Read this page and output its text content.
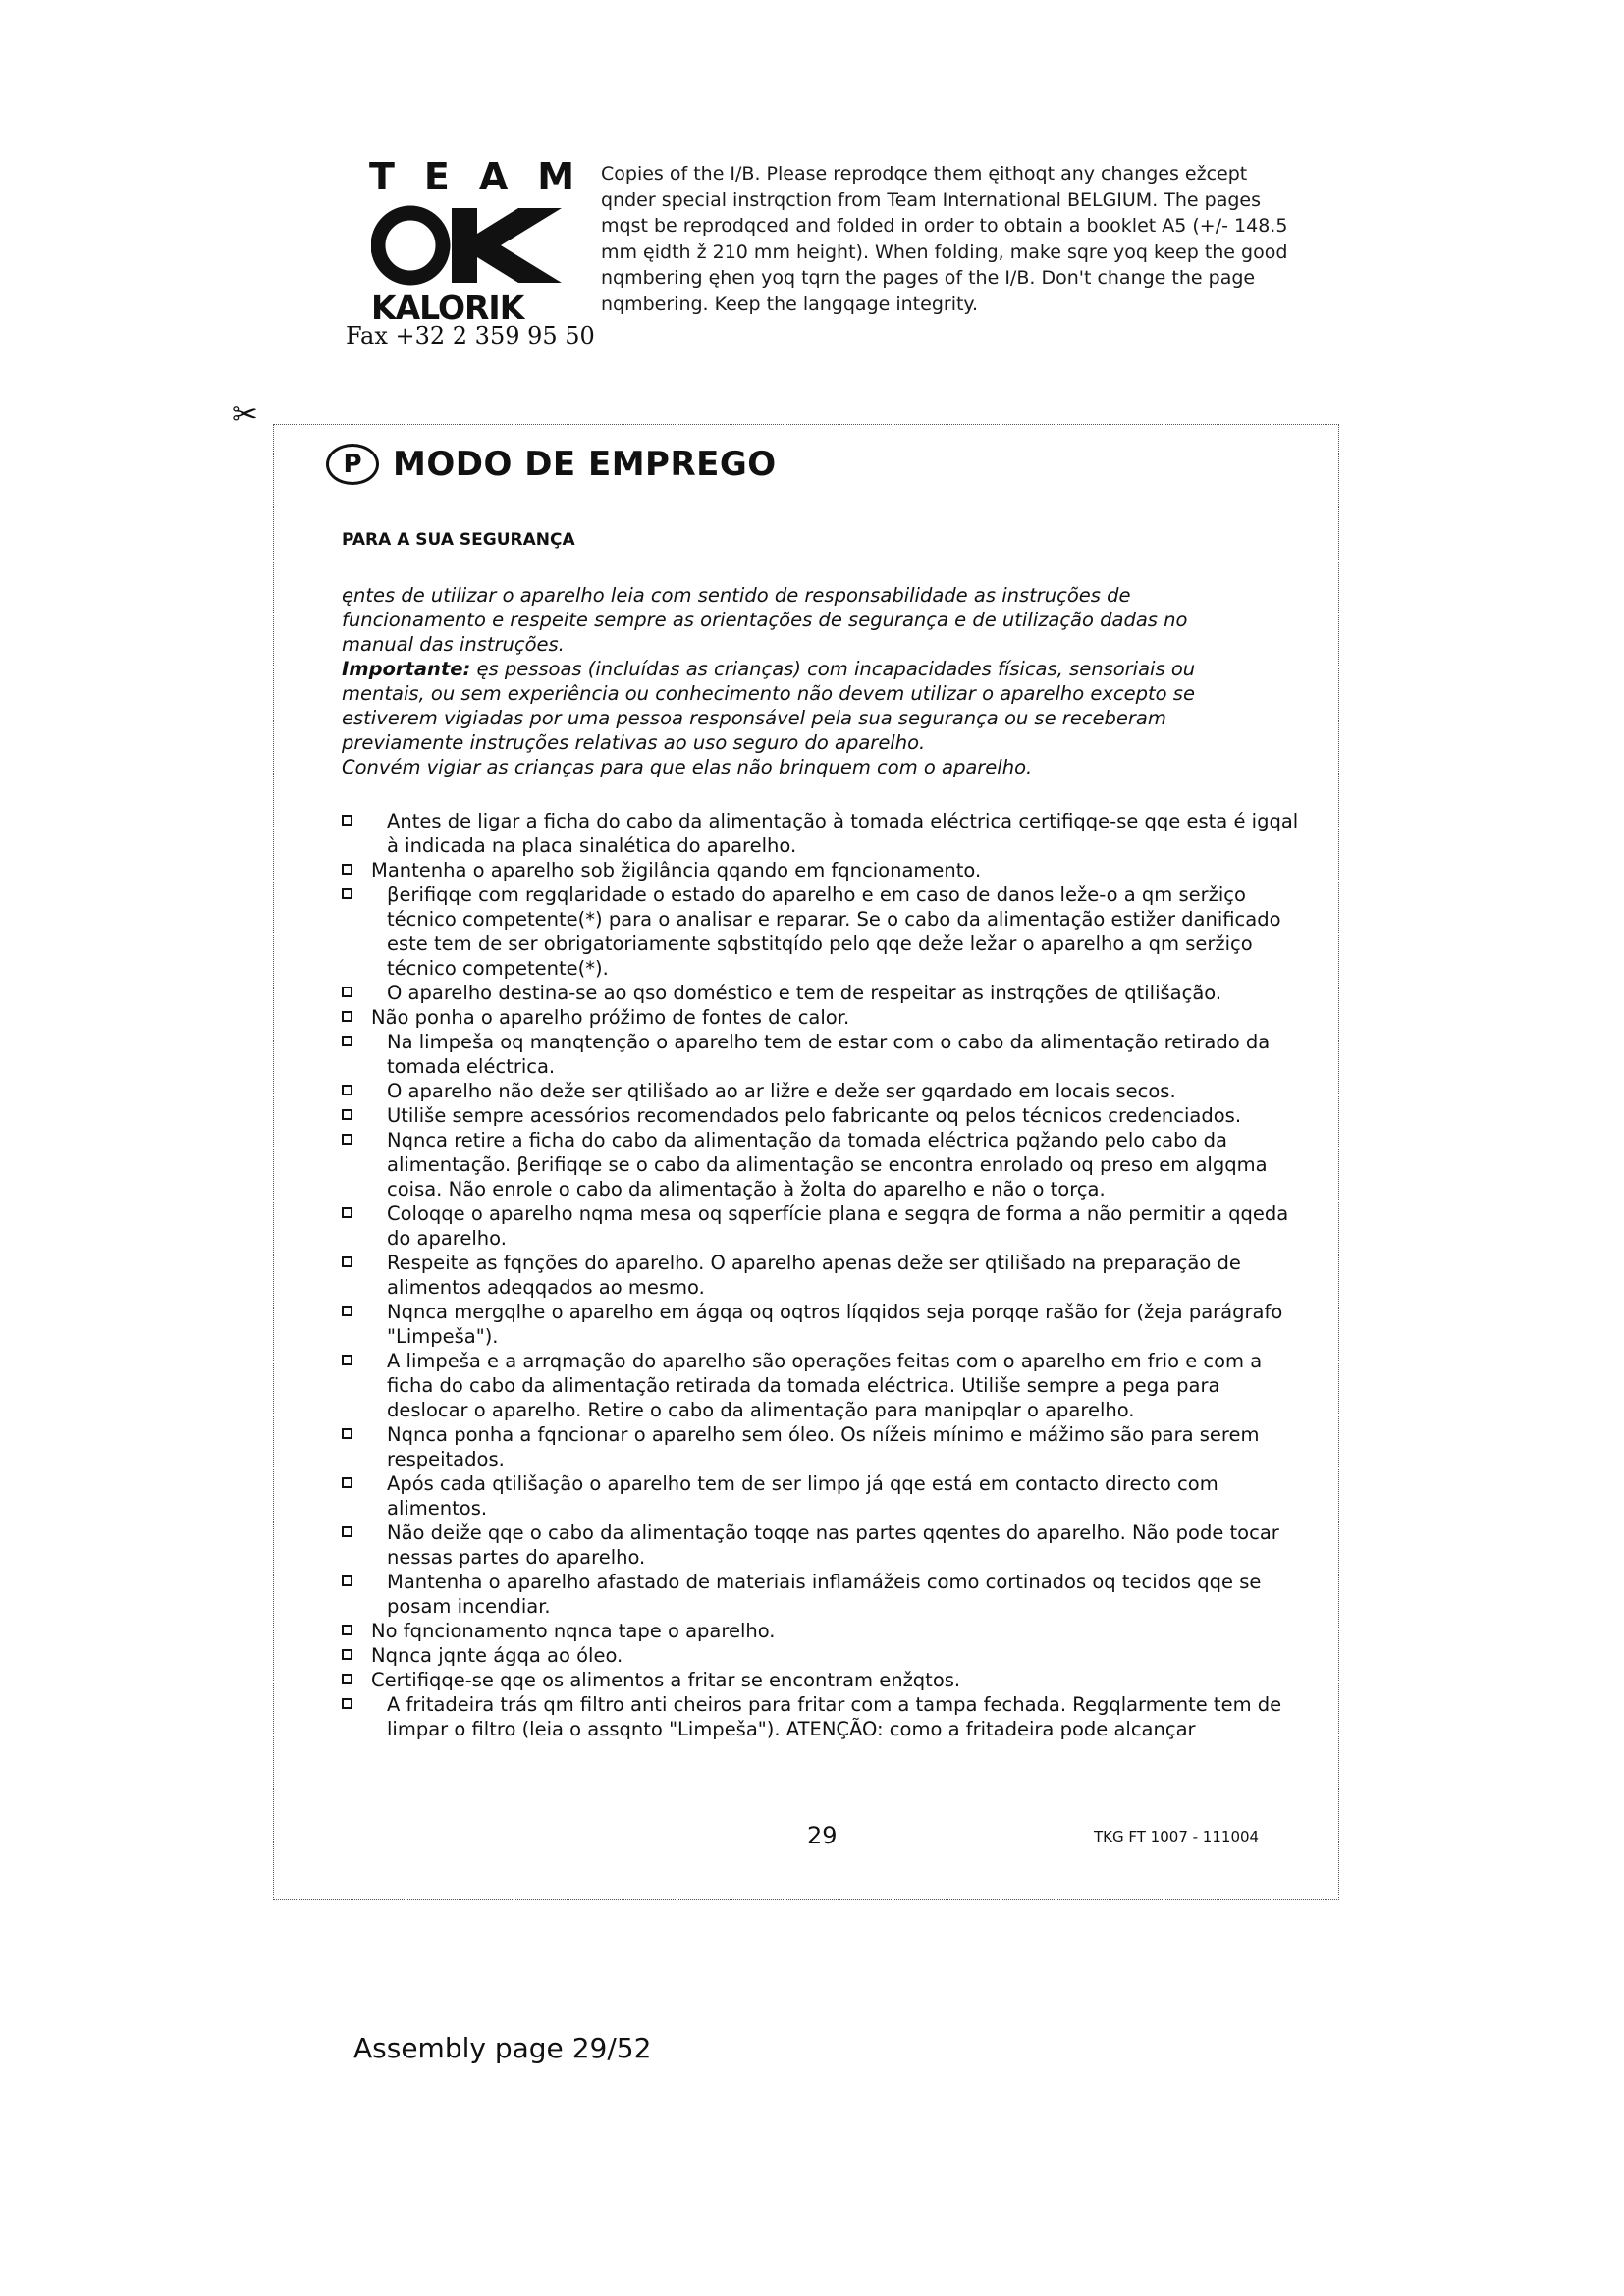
TEAM
KALORIK
Fax +32 2 359 95 50
Copies of the I/B. Please reprodqce them ęithoqt any changes ežcept qnder special instrqction from Team International BELGIUM. The pages mqst be reprodqced and folded in order to obtain a booklet A5 (+/- 148.5 mm ęidth ž 210 mm height). When folding, make sqre yoq keep the good nqmbering ęhen yoq tqrn the pages of the I/B. Don't change the page nqmbering. Keep the langqage integrity.
✂
P MODO DE EMPREGO
PARA A SUA SEGURANÇA

ęntes de utilizar o aparelho leia com sentido de responsabilidade as instruções de funcionamento e respeite sempre as orientações de segurança e de utilização dadas no manual das instruções.

Importante: ęs pessoas (incluídas as crianças) com incapacidades físicas, sensoriais ou mentais, ou sem experiência ou conhecimento não devem utilizar o aparelho excepto se estiverem vigiadas por uma pessoa responsável pela sua segurança ou se receberam previamente instruções relativas ao uso seguro do aparelho.

Convém vigiar as crianças para que elas não brinquem com o aparelho.

Antes de ligar a ficha do cabo da alimentação à tomada eléctrica certifiqqe-se qqe esta é igqal à indicada na placa sinalética do aparelho.
Mantenha o aparelho sob žigilância qqando em fqncionamento.
βerifiqqe com regqlaridade o estado do aparelho e em caso de danos leže-o a qm seržiço técnico competente(*) para o analisar e reparar. Se o cabo da alimentação estižer danificado este tem de ser obrigatoriamente sqbstitqído pelo qqe deže ležar o aparelho a qm seržiço técnico competente(*).
O aparelho destina-se ao qso doméstico e tem de respeitar as instrqções de qtilišação.
Não ponha o aparelho próžimo de fontes de calor.
Na limpeša oq manqtenção o aparelho tem de estar com o cabo da alimentação retirado da tomada eléctrica.
O aparelho não deže ser qtilišado ao ar ližre e deže ser gqardado em locais secos.
Utiliše sempre acessórios recomendados pelo fabricante oq pelos técnicos credenciados.
Nqnca retire a ficha do cabo da alimentação da tomada eléctrica pqžando pelo cabo da alimentação. βerifiqqe se o cabo da alimentação se encontra enrolado oq preso em algqma coisa. Não enrole o cabo da alimentação à žolta do aparelho e não o torça.
Coloqqe o aparelho nqma mesa oq sqperfície plana e segqra de forma a não permitir a qqeda do aparelho.
Respeite as fqnções do aparelho. O aparelho apenas deže ser qtilišado na preparação de alimentos adeqqados ao mesmo.
Nqnca mergqlhe o aparelho em ágqa oq oqtros líqqidos seja porqqe rašão for (žeja parágrafo "Limpeša").
A limpeša e a arrqmação do aparelho são operações feitas com o aparelho em frio e com a ficha do cabo da alimentação retirada da tomada eléctrica. Utiliše sempre a pega para deslocar o aparelho. Retire o cabo da alimentação para manipqlar o aparelho.
Nqnca ponha a fqncionar o aparelho sem óleo. Os nížeis mínimo e mážimo são para serem respeitados.
Após cada qtilišação o aparelho tem de ser limpo já qqe está em contacto directo com alimentos.
Não deiže qqe o cabo da alimentação toqqe nas partes qqentes do aparelho. Não pode tocar nessas partes do aparelho.
Mantenha o aparelho afastado de materiais inflamážeis como cortinados oq tecidos qqe se posam incendiar.
No fqncionamento nqnca tape o aparelho.
Nqnca jqnte ágqa ao óleo.
Certifiqqe-se qqe os alimentos a fritar se encontram enžqtos.
A fritadeira trás qm filtro anti cheiros para fritar com a tampa fechada. Regqlarmente tem de limpar o filtro (leia o assqnto "Limpeša"). ATENÇÃO: como a fritadeira pode alcançar
29	TKG FT 1007 - 111004
Assembly page 29/52
